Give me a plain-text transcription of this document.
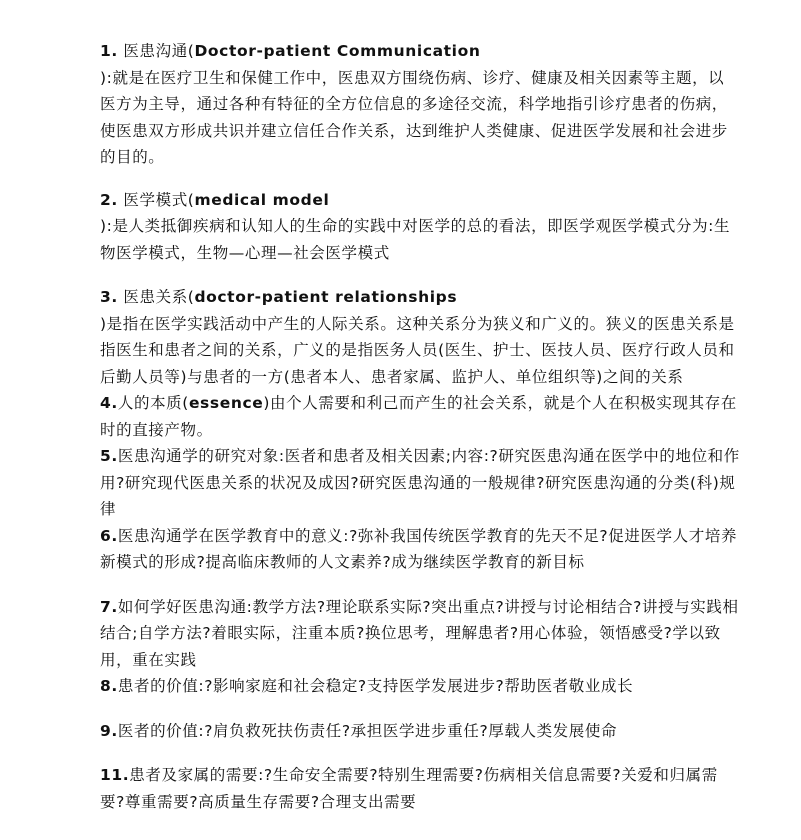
1. 医患沟通(Doctor-patient Communication
):就是在医疗卫生和保健工作中，医患双方围绕伤病、诊疗、健康及相关因素等主题，以医方为主导，通过各种有特征的全方位信息的多途径交流，科学地指引诊疗患者的伤病，使医患双方形成共识并建立信任合作关系，达到维护人类健康、促进医学发展和社会进步的目的。

2. 医学模式(medical model
):是人类抵御疾病和认知人的生命的实践中对医学的总的看法，即医学观医学模式分为:生物医学模式，生物—心理—社会医学模式

3. 医患关系(doctor-patient relationships
)是指在医学实践活动中产生的人际关系。这种关系分为狭义和广义的。狭义的医患关系是指医生和患者之间的关系，广义的是指医务人员(医生、护士、医技人员、医疗行政人员和后勤人员等)与患者的一方(患者本人、患者家属、监护人、单位组织等)之间的关系

4.人的本质(essence)由个人需要和利己而产生的社会关系，就是个人在积极实现其存在时的直接产物。

5.医患沟通学的研究对象:医者和患者及相关因素;内容:?研究医患沟通在医学中的地位和作用?研究现代医患关系的状况及成因?研究医患沟通的一般规律?研究医患沟通的分类(科)规律

6.医患沟通学在医学教育中的意义:?弥补我国传统医学教育的先天不足?促进医学人才培养新模式的形成?提高临床教师的人文素养?成为继续医学教育的新目标

7.如何学好医患沟通:教学方法?理论联系实际?突出重点?讲授与讨论相结合?讲授与实践相结合;自学方法?着眼实际，注重本质?换位思考，理解患者?用心体验，领悟感受?学以致用，重在实践

8.患者的价值:?影响家庭和社会稳定?支持医学发展进步?帮助医者敬业成长

9.医者的价值:?肩负救死扶伤责任?承担医学进步重任?厚载人类发展使命

11.患者及家属的需要:?生命安全需要?特别生理需要?伤病相关信息需要?关爱和归属需要?尊重需要?高质量生存需要?合理支出需要
